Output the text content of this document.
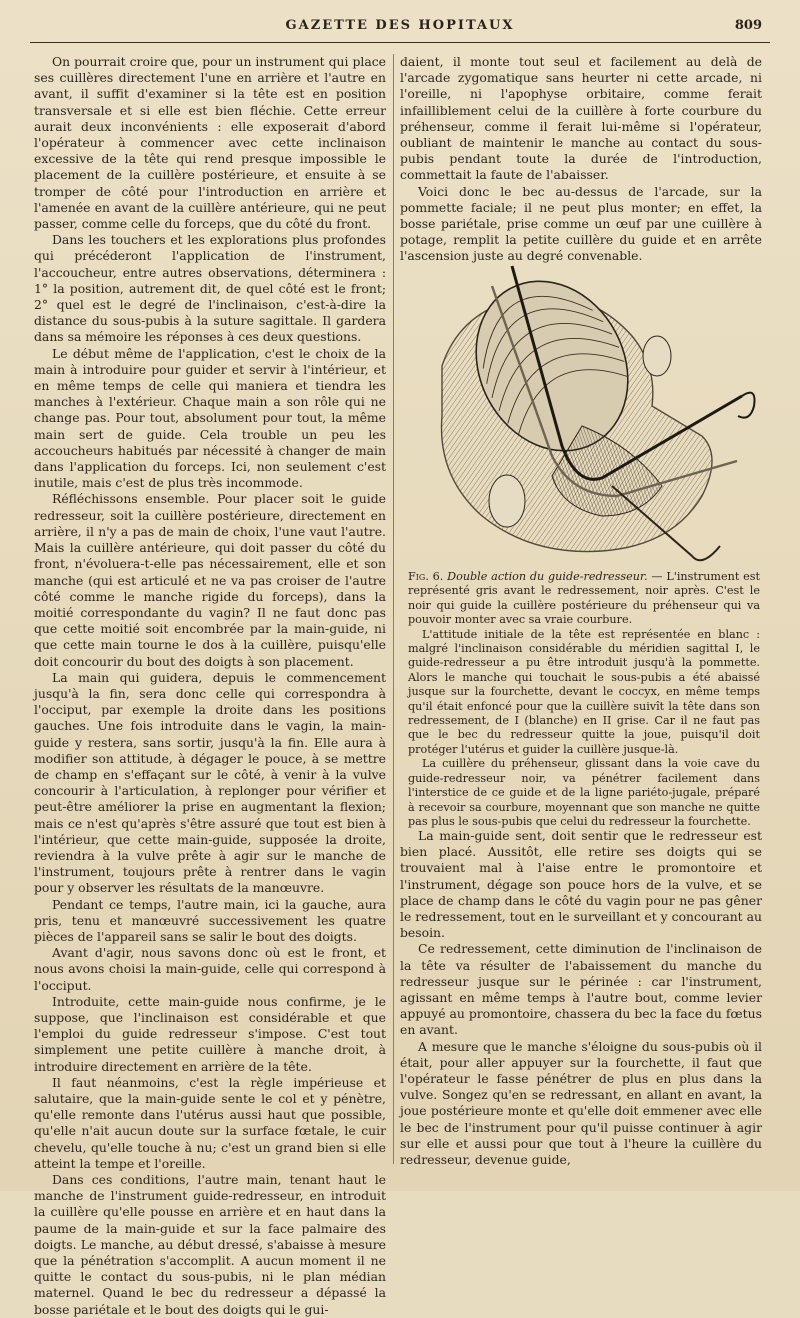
GAZETTE DES HOPITAUX	809

On pourrait croire que, pour un instrument qui place ses cuillères directement l'une en arrière et l'autre en avant, il suffit d'examiner si la tête est en position transversale et si elle est bien fléchie. Cette erreur aurait deux inconvénients : elle exposerait d'abord l'opérateur à commencer avec cette inclinaison excessive de la tête qui rend presque impossible le placement de la cuillère postérieure, et ensuite à se tromper de côté pour l'introduction en arrière et l'amenée en avant de la cuillère antérieure, qui ne peut passer, comme celle du forceps, que du côté du front.

Dans les touchers et les explorations plus profondes qui précéderont l'application de l'instrument, l'accoucheur, entre autres observations, déterminera : 1° la position, autrement dit, de quel côté est le front; 2° quel est le degré de l'inclinaison, c'est-à-dire la distance du sous-pubis à la suture sagittale. Il gardera dans sa mémoire les réponses à ces deux questions.

Le début même de l'application, c'est le choix de la main à introduire pour guider et servir à l'intérieur, et en même temps de celle qui maniera et tiendra les manches à l'extérieur. Chaque main a son rôle qui ne change pas. Pour tout, absolument pour tout, la même main sert de guide. Cela trouble un peu les accoucheurs habitués par nécessité à changer de main dans l'application du forceps. Ici, non seulement c'est inutile, mais c'est de plus très incommode.

Réfléchissons ensemble. Pour placer soit le guide redresseur, soit la cuillère postérieure, directement en arrière, il n'y a pas de main de choix, l'une vaut l'autre. Mais la cuillère antérieure, qui doit passer du côté du front, n'évoluera-t-elle pas nécessairement, elle et son manche (qui est articulé et ne va pas croiser de l'autre côté comme le manche rigide du forceps), dans la moitié correspondante du vagin? Il ne faut donc pas que cette moitié soit encombrée par la main-guide, ni que cette main tourne le dos à la cuillère, puisqu'elle doit concourir du bout des doigts à son placement.

La main qui guidera, depuis le commencement jusqu'à la fin, sera donc celle qui correspondra à l'occiput, par exemple la droite dans les positions gauches. Une fois introduite dans le vagin, la main-guide y restera, sans sortir, jusqu'à la fin. Elle aura à modifier son attitude, à dégager le pouce, à se mettre de champ en s'effaçant sur le côté, à venir à la vulve concourir à l'articulation, à replonger pour vérifier et peut-être améliorer la prise en augmentant la flexion; mais ce n'est qu'après s'être assuré que tout est bien à l'intérieur, que cette main-guide, supposée la droite, reviendra à la vulve prête à agir sur le manche de l'instrument, toujours prête à rentrer dans le vagin pour y observer les résultats de la manœuvre.

Pendant ce temps, l'autre main, ici la gauche, aura pris, tenu et manœuvré successivement les quatre pièces de l'appareil sans se salir le bout des doigts.

Avant d'agir, nous savons donc où est le front, et nous avons choisi la main-guide, celle qui correspond à l'occiput.

Introduite, cette main-guide nous confirme, je le suppose, que l'inclinaison est considérable et que l'emploi du guide redresseur s'impose. C'est tout simplement une petite cuillère à manche droit, à introduire directement en arrière de la tête.

Il faut néanmoins, c'est la règle impérieuse et salutaire, que la main-guide sente le col et y pénètre, qu'elle remonte dans l'utérus aussi haut que possible, qu'elle n'ait aucun doute sur la surface fœtale, le cuir chevelu, qu'elle touche à nu; c'est un grand bien si elle atteint la tempe et l'oreille.

Dans ces conditions, l'autre main, tenant haut le manche de l'instrument guide-redresseur, en introduit la cuillère qu'elle pousse en arrière et en haut dans la paume de la main-guide et sur la face palmaire des doigts. Le manche, au début dressé, s'abaisse à mesure que la pénétration s'accomplit. A aucun moment il ne quitte le contact du sous-pubis, ni le plan médian maternel. Quand le bec du redresseur a dépassé la bosse pariétale et le bout des doigts qui le gui-

daient, il monte tout seul et facilement au delà de l'arcade zygomatique sans heurter ni cette arcade, ni l'oreille, ni l'apophyse orbitaire, comme ferait infailliblement celui de la cuillère à forte courbure du préhenseur, comme il ferait lui-même si l'opérateur, oubliant de maintenir le manche au contact du sous-pubis pendant toute la durée de l'introduction, commettait la faute de l'abaisser.

Voici donc le bec au-dessus de l'arcade, sur la pommette faciale; il ne peut plus monter; en effet, la bosse pariétale, prise comme un œuf par une cuillère à potage, remplit la petite cuillère du guide et en arrête l'ascension juste au degré convenable.

Fig. 6. Double action du guide-redresseur. — L'instrument est représenté gris avant le redressement, noir après. C'est le noir qui guide la cuillère postérieure du préhenseur qui va pouvoir monter avec sa vraie courbure.

L'attitude initiale de la tête est représentée en blanc : malgré l'inclinaison considérable du méridien sagittal I, le guide-redresseur a pu être introduit jusqu'à la pommette. Alors le manche qui touchait le sous-pubis a été abaissé jusque sur la fourchette, devant le coccyx, en même temps qu'il était enfoncé pour que la cuillère suivît la tête dans son redressement, de I (blanche) en II grise. Car il ne faut pas que le bec du redresseur quitte la joue, puisqu'il doit protéger l'utérus et guider la cuillère jusque-là.

La cuillère du préhenseur, glissant dans la voie cave du guide-redresseur noir, va pénétrer facilement dans l'interstice de ce guide et de la ligne pariéto-jugale, préparé à recevoir sa courbure, moyennant que son manche ne quitte pas plus le sous-pubis que celui du redresseur la fourchette.

La main-guide sent, doit sentir que le redresseur est bien placé. Aussitôt, elle retire ses doigts qui se trouvaient mal à l'aise entre le promontoire et l'instrument, dégage son pouce hors de la vulve, et se place de champ dans le côté du vagin pour ne pas gêner le redressement, tout en le surveillant et y concourant au besoin.

Ce redressement, cette diminution de l'inclinaison de la tête va résulter de l'abaissement du manche du redresseur jusque sur le périnée : car l'instrument, agissant en même temps à l'autre bout, comme levier appuyé au promontoire, chassera du bec la face du fœtus en avant.

A mesure que le manche s'éloigne du sous-pubis où il était, pour aller appuyer sur la fourchette, il faut que l'opérateur le fasse pénétrer de plus en plus dans la vulve. Songez qu'en se redressant, en allant en avant, la joue postérieure monte et qu'elle doit emmener avec elle le bec de l'instrument pour qu'il puisse continuer à agir sur elle et aussi pour que tout à l'heure la cuillère du redresseur, devenue guide,
